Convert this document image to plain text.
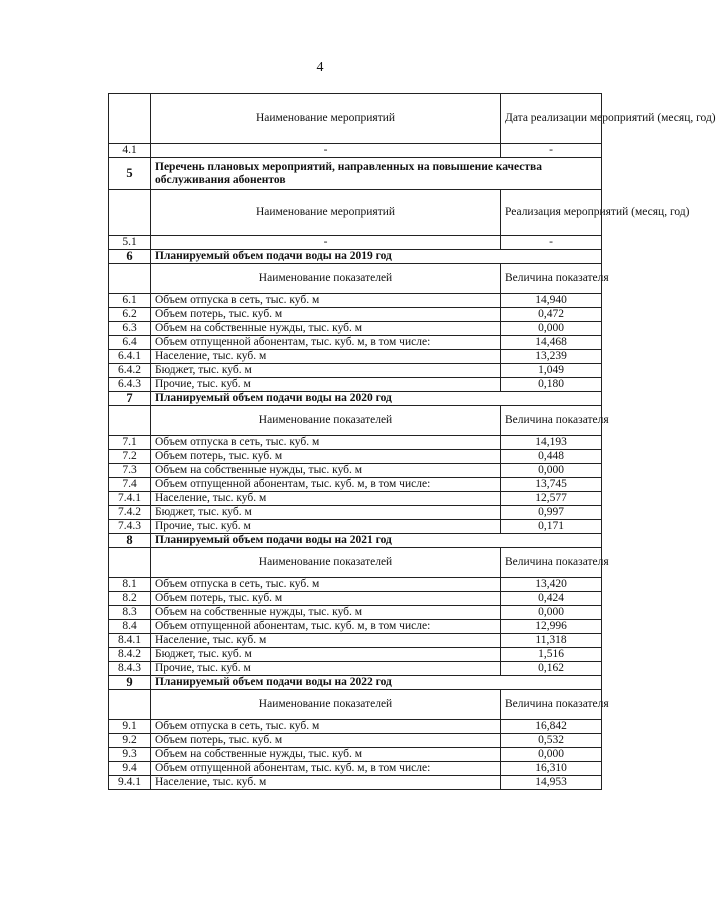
4
	Наименование мероприятий	Дата реализации мероприятий (месяц, год)
4.1	-	-
5	Перечень плановых мероприятий, направленных на повышение качества обслуживания абонентов	
	Наименование мероприятий	Реализация мероприятий (месяц, год)
5.1	-	-
6	Планируемый объем подачи воды на 2019 год	
	Наименование показателей	Величина показателя
6.1	Объем отпуска в сеть, тыс. куб. м	14,940
6.2	Объем потерь, тыс. куб. м	0,472
6.3	Объем на собственные нужды, тыс. куб. м	0,000
6.4	Объем отпущенной абонентам, тыс. куб. м, в том числе:	14,468
6.4.1	Население, тыс. куб. м	13,239
6.4.2	Бюджет, тыс. куб. м	1,049
6.4.3	Прочие, тыс. куб. м	0,180
7	Планируемый объем подачи воды на 2020 год	
	Наименование показателей	Величина показателя
7.1	Объем отпуска в сеть, тыс. куб. м	14,193
7.2	Объем потерь, тыс. куб. м	0,448
7.3	Объем на собственные нужды, тыс. куб. м	0,000
7.4	Объем отпущенной абонентам, тыс. куб. м, в том числе:	13,745
7.4.1	Население, тыс. куб. м	12,577
7.4.2	Бюджет, тыс. куб. м	0,997
7.4.3	Прочие, тыс. куб. м	0,171
8	Планируемый объем подачи воды на 2021 год	
	Наименование показателей	Величина показателя
8.1	Объем отпуска в сеть, тыс. куб. м	13,420
8.2	Объем потерь, тыс. куб. м	0,424
8.3	Объем на собственные нужды, тыс. куб. м	0,000
8.4	Объем отпущенной абонентам, тыс. куб. м, в том числе:	12,996
8.4.1	Население, тыс. куб. м	11,318
8.4.2	Бюджет, тыс. куб. м	1,516
8.4.3	Прочие, тыс. куб. м	0,162
9	Планируемый объем подачи воды на 2022 год	
	Наименование показателей	Величина показателя
9.1	Объем отпуска в сеть, тыс. куб. м	16,842
9.2	Объем потерь, тыс. куб. м	0,532
9.3	Объем на собственные нужды, тыс. куб. м	0,000
9.4	Объем отпущенной абонентам, тыс. куб. м, в том числе:	16,310
9.4.1	Население, тыс. куб. м	14,953
